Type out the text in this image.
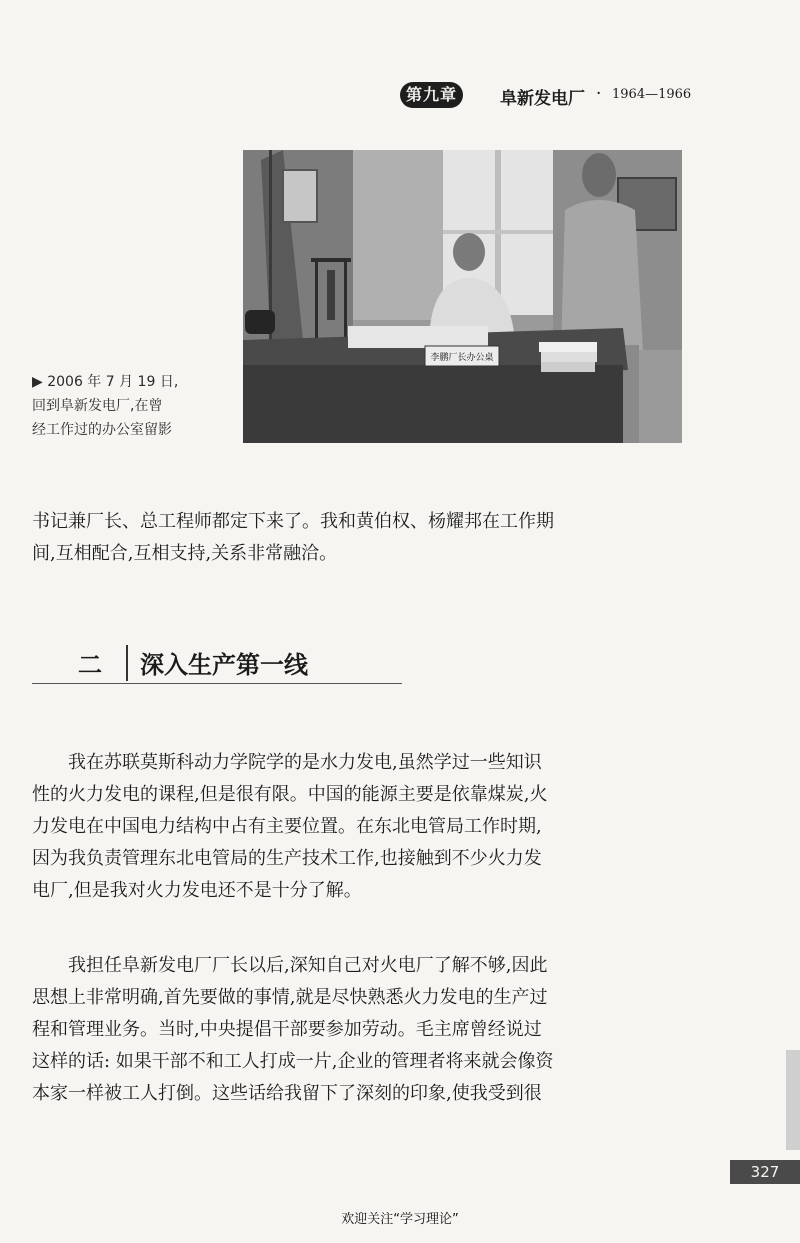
第九章	阜新发电厂 · 1964—1966
李鹏厂长办公桌
▶ 2006 年 7 月 19 日,
回到阜新发电厂,在曾
经工作过的办公室留影
书记兼厂长、总工程师都定下来了。我和黄伯权、杨耀邦在工作期
间,互相配合,互相支持,关系非常融洽。
二 深入生产第一线
　　我在苏联莫斯科动力学院学的是水力发电,虽然学过一些知识
性的火力发电的课程,但是很有限。中国的能源主要是依靠煤炭,火
力发电在中国电力结构中占有主要位置。在东北电管局工作时期,
因为我负责管理东北电管局的生产技术工作,也接触到不少火力发
电厂,但是我对火力发电还不是十分了解。
　　我担任阜新发电厂厂长以后,深知自己对火电厂了解不够,因此
思想上非常明确,首先要做的事情,就是尽快熟悉火力发电的生产过
程和管理业务。当时,中央提倡干部要参加劳动。毛主席曾经说过
这样的话: 如果干部不和工人打成一片,企业的管理者将来就会像资
本家一样被工人打倒。这些话给我留下了深刻的印象,使我受到很
327
欢迎关注“学习理论”
